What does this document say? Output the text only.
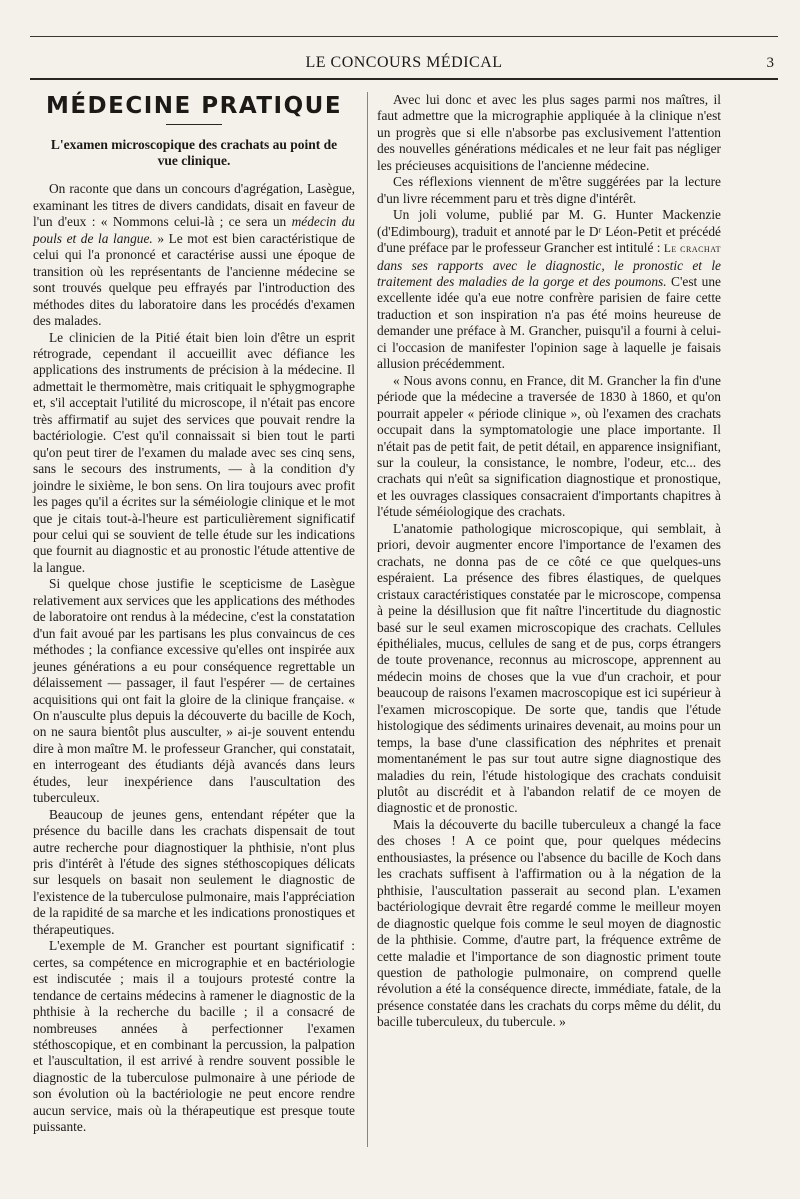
LE CONCOURS MÉDICAL	3
MÉDECINE PRATIQUE
L'examen microscopique des crachats au point de vue clinique.

On raconte que dans un concours d'agrégation, Lasègue, examinant les titres de divers candidats, disait en faveur de l'un d'eux : « Nommons celui-là ; ce sera un médecin du pouls et de la langue. » Le mot est bien caractéristique de celui qui l'a prononcé et caractérise aussi une époque de transition où les représentants de l'ancienne médecine se sont trouvés quelque peu effrayés par l'introduction des méthodes dites du laboratoire dans les procédés d'examen des malades.

Le clinicien de la Pitié était bien loin d'être un esprit rétrograde, cependant il accueillit avec défiance les applications des instruments de précision à la médecine. Il admettait le thermomètre, mais critiquait le sphygmographe et, s'il acceptait l'utilité du microscope, il n'était pas encore très affirmatif au sujet des services que pouvait rendre la bactériologie. C'est qu'il connaissait si bien tout le parti qu'on peut tirer de l'examen du malade avec ses cinq sens, sans le secours des instruments, — à la condition d'y joindre le sixième, le bon sens. On lira toujours avec profit les pages qu'il a écrites sur la séméiologie clinique et le mot que je citais tout-à-l'heure est particulièrement significatif pour celui qui se souvient de telle étude sur les indications que fournit au diagnostic et au pronostic l'étude attentive de la langue.

Si quelque chose justifie le scepticisme de Lasègue relativement aux services que les applications des méthodes de laboratoire ont rendus à la médecine, c'est la constatation d'un fait avoué par les partisans les plus convaincus de ces méthodes ; la confiance excessive qu'elles ont inspirée aux jeunes générations a eu pour conséquence regrettable un délaissement — passager, il faut l'espérer — de certaines acquisitions qui ont fait la gloire de la clinique française. « On n'ausculte plus depuis la découverte du bacille de Koch, on ne saura bientôt plus ausculter, » ai-je souvent entendu dire à mon maître M. le professeur Grancher, qui constatait, en interrogeant des étudiants déjà avancés dans leurs études, leur inexpérience dans l'auscultation des tuberculeux.

Beaucoup de jeunes gens, entendant répéter que la présence du bacille dans les crachats dispensait de tout autre recherche pour diagnostiquer la phthisie, n'ont plus pris d'intérêt à l'étude des signes stéthoscopiques délicats sur lesquels on basait non seulement le diagnostic de l'existence de la tuberculose pulmonaire, mais l'appréciation de la rapidité de sa marche et les indications pronostiques et thérapeutiques.

L'exemple de M. Grancher est pourtant significatif : certes, sa compétence en micrographie et en bactériologie est indiscutée ; mais il a toujours protesté contre la tendance de certains médecins à ramener le diagnostic de la phthisie à la recherche du bacille ; il a consacré de nombreuses années à perfectionner l'examen stéthoscopique, et en combinant la percussion, la palpation et l'auscultation, il est arrivé à rendre souvent possible le diagnostic de la tuberculose pulmonaire à une période de son évolution où la bactériologie ne peut encore rendre aucun service, mais où la thérapeutique est presque toute puissante.

Avec lui donc et avec les plus sages parmi nos maîtres, il faut admettre que la micrographie appliquée à la clinique n'est un progrès que si elle n'absorbe pas exclusivement l'attention des nouvelles générations médicales et ne leur fait pas négliger les précieuses acquisitions de l'ancienne médecine.

Ces réflexions viennent de m'être suggérées par la lecture d'un livre récemment paru et très digne d'intérêt.

Un joli volume, publié par M. G. Hunter Mackenzie (d'Edimbourg), traduit et annoté par le Dʳ Léon-Petit et précédé d'une préface par le professeur Grancher est intitulé : Le crachat dans ses rapports avec le diagnostic, le pronostic et le traitement des maladies de la gorge et des poumons. C'est une excellente idée qu'a eue notre confrère parisien de faire cette traduction et son inspiration n'a pas été moins heureuse de demander une préface à M. Grancher, puisqu'il a fourni à celui-ci l'occasion de manifester l'opinion sage à laquelle je faisais allusion précédemment.

« Nous avons connu, en France, dit M. Grancher la fin d'une période que la médecine a traversée de 1830 à 1860, et qu'on pourrait appeler « période clinique », où l'examen des crachats occupait dans la symptomatologie une place importante. Il n'était pas de petit fait, de petit détail, en apparence insignifiant, sur la couleur, la consistance, le nombre, l'odeur, etc... des crachats qui n'eût sa signification diagnostique et pronostique, et les ouvrages classiques consacraient d'importants chapitres à l'étude séméiologique des crachats.

L'anatomie pathologique microscopique, qui semblait, à priori, devoir augmenter encore l'importance de l'examen des crachats, ne donna pas de ce côté ce que quelques-uns espéraient. La présence des fibres élastiques, de quelques cristaux caractéristiques constatée par le microscope, compensa à peine la désillusion que fit naître l'incertitude du diagnostic basé sur le seul examen microscopique des crachats. Cellules épithéliales, mucus, cellules de sang et de pus, corps étrangers de toute provenance, reconnus au microscope, apprennent au médecin moins de choses que la vue d'un crachoir, et pour beaucoup de raisons l'examen macroscopique est ici supérieur à l'examen microscopique. De sorte que, tandis que l'étude histologique des sédiments urinaires devenait, au moins pour un temps, la base d'une classification des néphrites et prenait momentanément le pas sur tout autre signe diagnostique des maladies du rein, l'étude histologique des crachats conduisit plutôt au discrédit et à l'abandon relatif de ce moyen de diagnostic et de pronostic.

Mais la découverte du bacille tuberculeux a changé la face des choses ! A ce point que, pour quelques médecins enthousiastes, la présence ou l'absence du bacille de Koch dans les crachats suffisent à l'affirmation ou à la négation de la phthisie, l'auscultation passerait au second plan. L'examen bactériologique devrait être regardé comme le meilleur moyen de diagnostic quelque fois comme le seul moyen de diagnostic de la phthisie. Comme, d'autre part, la fréquence extrême de cette maladie et l'importance de son diagnostic priment toute question de pathologie pulmonaire, on comprend quelle révolution a été la conséquence directe, immédiate, fatale, de la présence constatée dans les crachats du corps même du délit, du bacille tuberculeux, du tubercule. »
